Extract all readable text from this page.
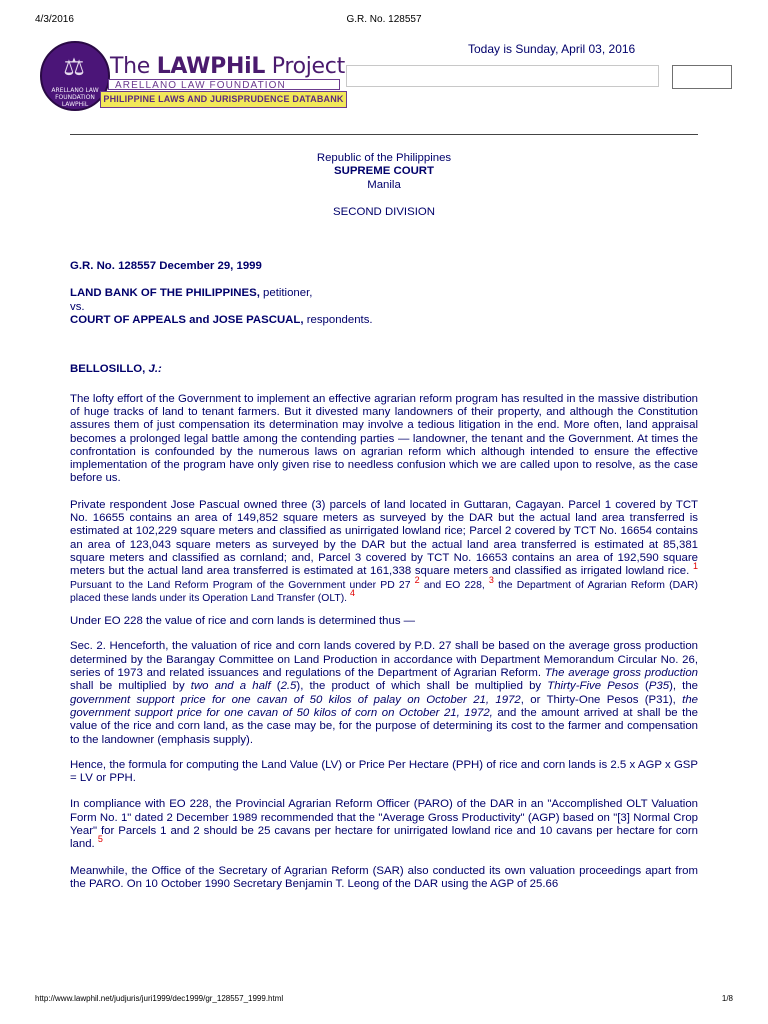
4/3/2016	G.R. No. 128557
⚖
ARELLANO LAW FOUNDATION LAWPHiL
The LAWPHiL Project
ARELLANO LAW FOUNDATION
PHILIPPINE LAWS AND JURISPRUDENCE DATABANK
Today is Sunday, April 03, 2016
Republic of the Philippines
SUPREME COURT
Manila
SECOND DIVISION
G.R. No. 128557 December 29, 1999
LAND BANK OF THE PHILIPPINES, petitioner,
vs.
COURT OF APPEALS and JOSE PASCUAL, respondents.
BELLOSILLO, J.:

The lofty effort of the Government to implement an effective agrarian reform program has resulted in the massive distribution of huge tracks of land to tenant farmers. But it divested many landowners of their property, and although the Constitution assures them of just compensation its determination may involve a tedious litigation in the end. More often, land appraisal becomes a prolonged legal battle among the contending parties — landowner, the tenant and the Government. At times the confrontation is confounded by the numerous laws on agrarian reform which although intended to ensure the effective implementation of the program have only given rise to needless confusion which we are called upon to resolve, as the case before us.

Private respondent Jose Pascual owned three (3) parcels of land located in Guttaran, Cagayan. Parcel 1 covered by TCT No. 16655 contains an area of 149,852 square meters as surveyed by the DAR but the actual land area transferred is estimated at 102,229 square meters and classified as unirrigated lowland rice; Parcel 2 covered by TCT No. 16654 contains an area of 123,043 square meters as surveyed by the DAR but the actual land area transferred is estimated at 85,381 square meters and classified as cornland; and, Parcel 3 covered by TCT No. 16653 contains an area of 192,590 square meters but the actual land area transferred is estimated at 161,338 square meters and classified as irrigated lowland rice. $^1$ Pursuant to the Land Reform Program of the Government under PD 27 $^2$ and EO 228, $^3$ the Department of Agrarian Reform (DAR) placed these lands under its Operation Land Transfer (OLT). $^4$

Under EO 228 the value of rice and corn lands is determined thus —

Sec. 2. Henceforth, the valuation of rice and corn lands covered by P.D. 27 shall be based on the average gross production determined by the Barangay Committee on Land Production in accordance with Department Memorandum Circular No. 26, series of 1973 and related issuances and regulations of the Department of Agrarian Reform. The average gross production shall be multiplied by two and a half (2.5), the product of which shall be multiplied by Thirty-Five Pesos (P35), the government support price for one cavan of 50 kilos of palay on October 21, 1972, or Thirty-One Pesos (P31), the government support price for one cavan of 50 kilos of corn on October 21, 1972, and the amount arrived at shall be the value of the rice and corn land, as the case may be, for the purpose of determining its cost to the farmer and compensation to the landowner (emphasis supply).

Hence, the formula for computing the Land Value (LV) or Price Per Hectare (PPH) of rice and corn lands is 2.5 x AGP x GSP = LV or PPH.

In compliance with EO 228, the Provincial Agrarian Reform Officer (PARO) of the DAR in an "Accomplished OLT Valuation Form No. 1" dated 2 December 1989 recommended that the "Average Gross Productivity" (AGP) based on "[3] Normal Crop Year" for Parcels 1 and 2 should be 25 cavans per hectare for unirrigated lowland rice and 10 cavans per hectare for corn land. $^5$

Meanwhile, the Office of the Secretary of Agrarian Reform (SAR) also conducted its own valuation proceedings apart from the PARO. On 10 October 1990 Secretary Benjamin T. Leong of the DAR using the AGP of 25.66

http://www.lawphil.net/judjuris/juri1999/dec1999/gr_128557_1999.html	1/8
